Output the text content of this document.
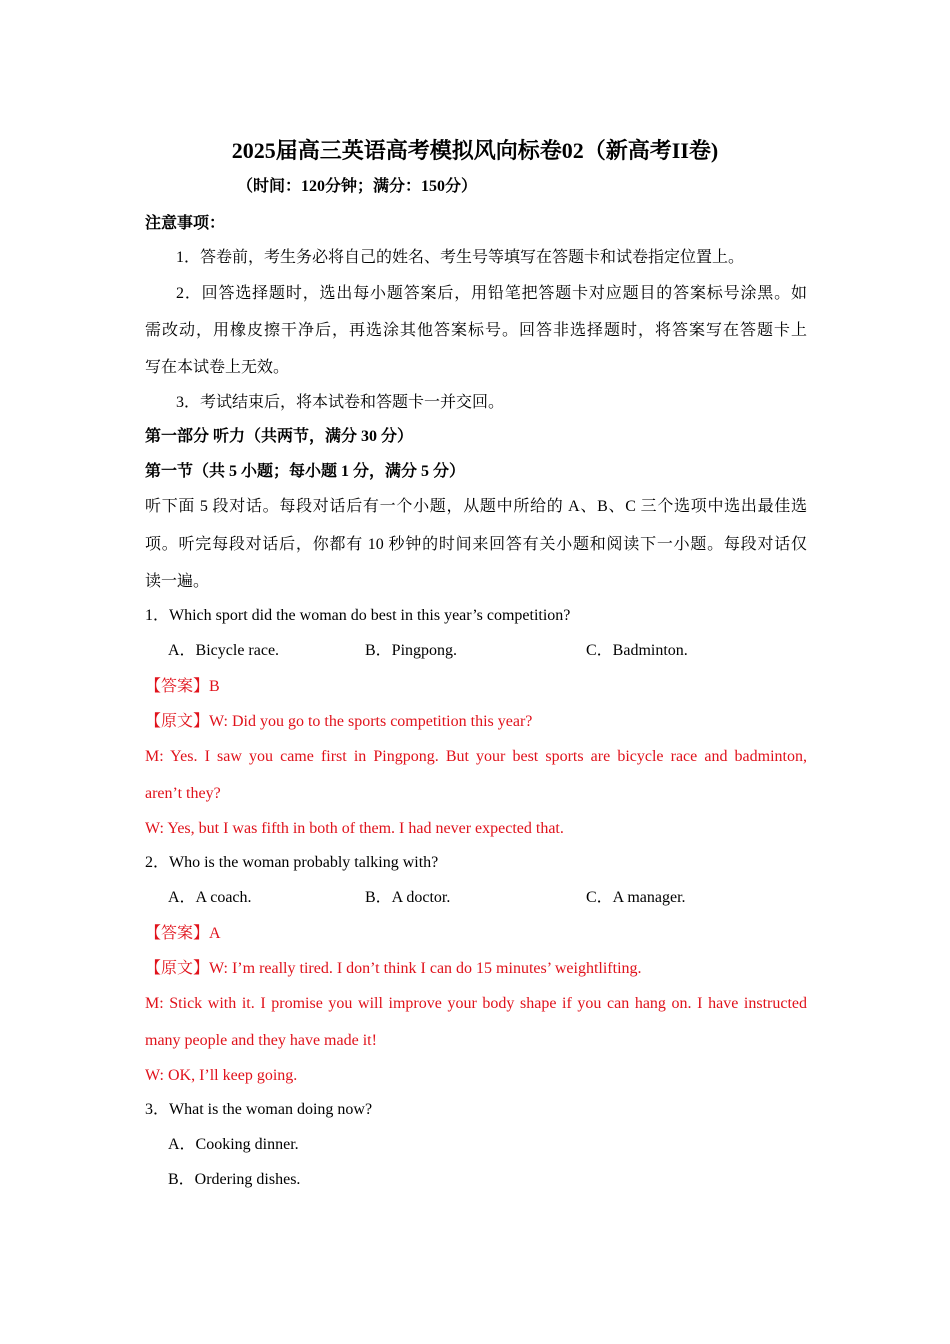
2025届高三英语高考模拟风向标卷02（新高考II卷)
（时间：120分钟；满分：150分）
注意事项：
1．答卷前，考生务必将自己的姓名、考生号等填写在答题卡和试卷指定位置上。
2．回答选择题时，选出每小题答案后，用铅笔把答题卡对应题目的答案标号涂黑。如
需改动，用橡皮擦干净后，再选涂其他答案标号。回答非选择题时，将答案写在答题卡上
写在本试卷上无效。
3．考试结束后，将本试卷和答题卡一并交回。
第一部分 听力（共两节，满分 30 分）
第一节（共 5 小题；每小题 1 分，满分 5 分）
听下面 5 段对话。每段对话后有一个小题，从题中所给的 A、B、C 三个选项中选出最佳选
项。听完每段对话后，你都有 10 秒钟的时间来回答有关小题和阅读下一小题。每段对话仅
读一遍。
1．Which sport did the woman do best in this year’s competition?
A．Bicycle race.	B．Pingpong.	C．Badminton.
【答案】B
【原文】W: Did you go to the sports competition this year?
M: Yes. I saw you came first in Pingpong. But your best sports are bicycle race and badminton,
aren’t they?
W: Yes, but I was fifth in both of them. I had never expected that.
2．Who is the woman probably talking with?
A．A coach.	B．A doctor.	C．A manager.
【答案】A
【原文】W: I’m really tired. I don’t think I can do 15 minutes’ weightlifting.
M: Stick with it. I promise you will improve your body shape if you can hang on. I have instructed
many people and they have made it!
W: OK, I’ll keep going.
3．What is the woman doing now?
A．Cooking dinner.
B．Ordering dishes.
